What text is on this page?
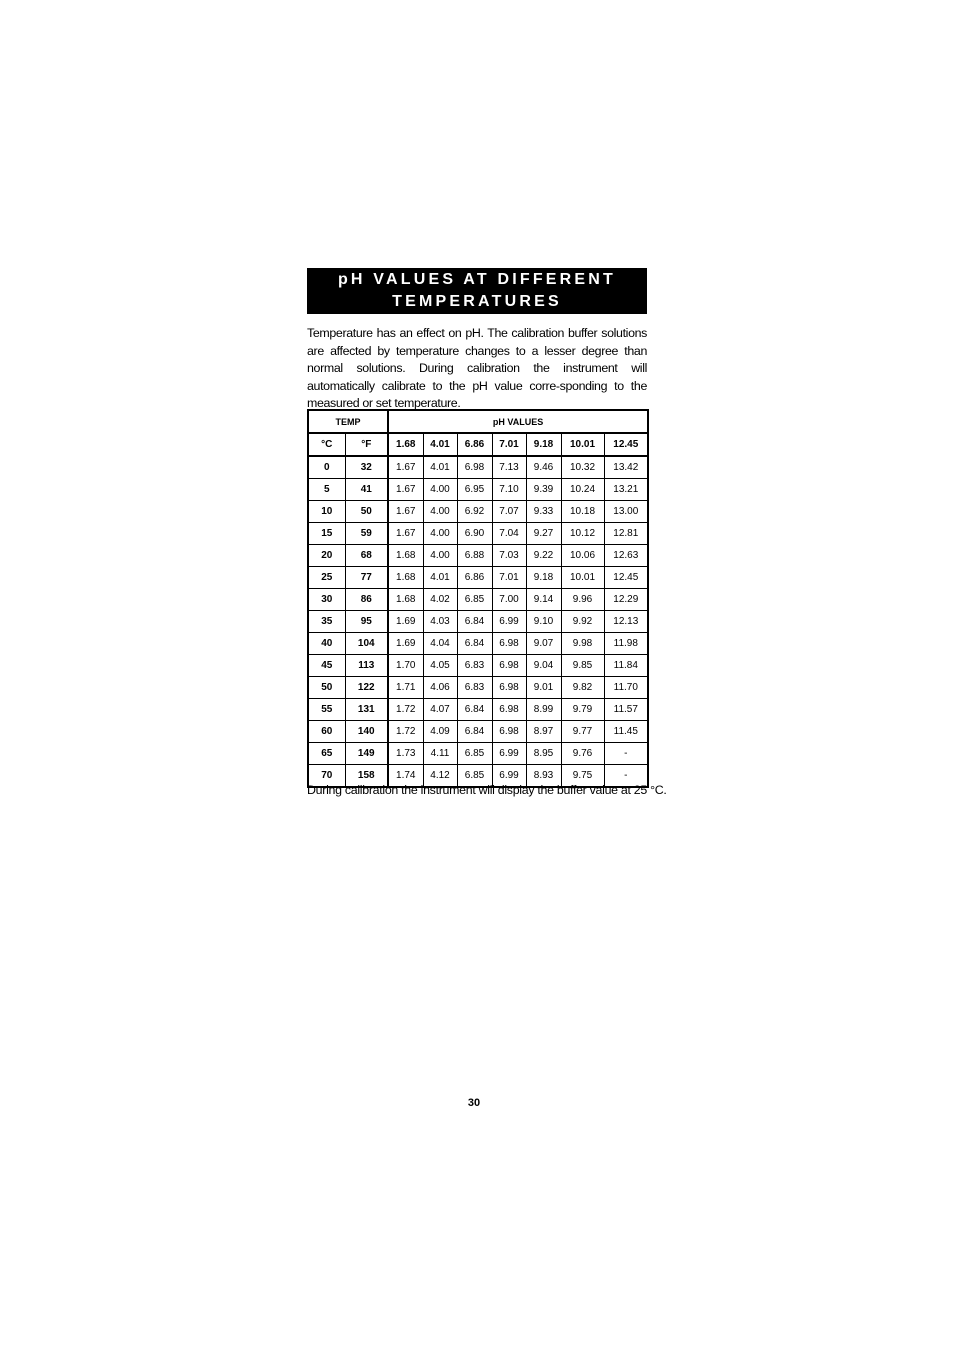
pH VALUES AT DIFFERENT
TEMPERATURES

Temperature has an effect on pH. The calibration buffer solutions are affected by temperature changes to a lesser degree than normal solutions. During calibration the instrument will automatically calibrate to the pH value corre-sponding to the measured or set temperature.

TEMP		pH VALUES						
°C	°F	1.68	4.01	6.86	7.01	9.18	10.01	12.45
0	32	1.67	4.01	6.98	7.13	9.46	10.32	13.42
5	41	1.67	4.00	6.95	7.10	9.39	10.24	13.21
10	50	1.67	4.00	6.92	7.07	9.33	10.18	13.00
15	59	1.67	4.00	6.90	7.04	9.27	10.12	12.81
20	68	1.68	4.00	6.88	7.03	9.22	10.06	12.63
25	77	1.68	4.01	6.86	7.01	9.18	10.01	12.45
30	86	1.68	4.02	6.85	7.00	9.14	9.96	12.29
35	95	1.69	4.03	6.84	6.99	9.10	9.92	12.13
40	104	1.69	4.04	6.84	6.98	9.07	9.98	11.98
45	113	1.70	4.05	6.83	6.98	9.04	9.85	11.84
50	122	1.71	4.06	6.83	6.98	9.01	9.82	11.70
55	131	1.72	4.07	6.84	6.98	8.99	9.79	11.57
60	140	1.72	4.09	6.84	6.98	8.97	9.77	11.45
65	149	1.73	4.11	6.85	6.99	8.95	9.76	-
70	158	1.74	4.12	6.85	6.99	8.93	9.75	-

During calibration the instrument will display the buffer value at 25 °C.

30
